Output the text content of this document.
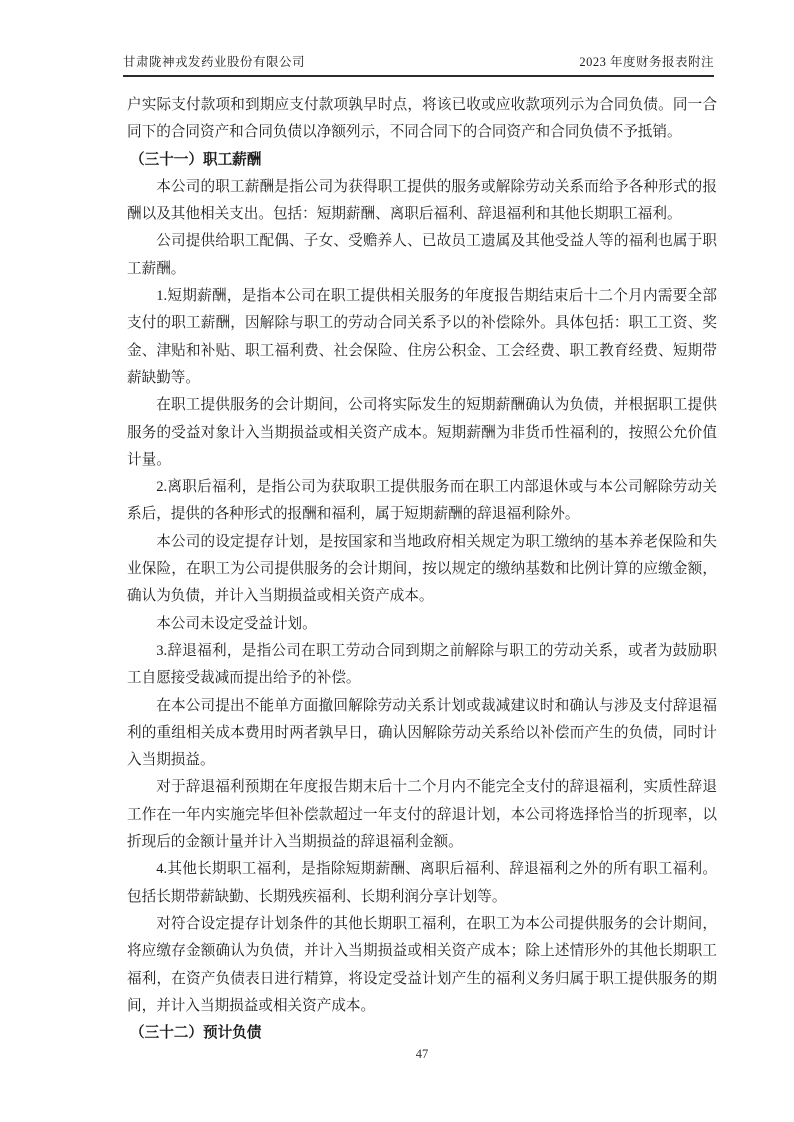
甘肃陇神戎发药业股份有限公司	2023 年度财务报表附注

户实际支付款项和到期应支付款项孰早时点，将该已收或应收款项列示为合同负债。同一合同下的合同资产和合同负债以净额列示，不同合同下的合同资产和合同负债不予抵销。

（三十一）职工薪酬

本公司的职工薪酬是指公司为获得职工提供的服务或解除劳动关系而给予各种形式的报酬以及其他相关支出。包括：短期薪酬、离职后福利、辞退福利和其他长期职工福利。

公司提供给职工配偶、子女、受赡养人、已故员工遗属及其他受益人等的福利也属于职工薪酬。

1.短期薪酬，是指本公司在职工提供相关服务的年度报告期结束后十二个月内需要全部支付的职工薪酬，因解除与职工的劳动合同关系予以的补偿除外。具体包括：职工工资、奖金、津贴和补贴、职工福利费、社会保险、住房公积金、工会经费、职工教育经费、短期带薪缺勤等。

在职工提供服务的会计期间，公司将实际发生的短期薪酬确认为负债，并根据职工提供服务的受益对象计入当期损益或相关资产成本。短期薪酬为非货币性福利的，按照公允价值计量。

2.离职后福利，是指公司为获取职工提供服务而在职工内部退休或与本公司解除劳动关系后，提供的各种形式的报酬和福利，属于短期薪酬的辞退福利除外。

本公司的设定提存计划，是按国家和当地政府相关规定为职工缴纳的基本养老保险和失业保险，在职工为公司提供服务的会计期间，按以规定的缴纳基数和比例计算的应缴金额，确认为负债，并计入当期损益或相关资产成本。

本公司未设定受益计划。

3.辞退福利，是指公司在职工劳动合同到期之前解除与职工的劳动关系，或者为鼓励职工自愿接受裁减而提出给予的补偿。

在本公司提出不能单方面撤回解除劳动关系计划或裁减建议时和确认与涉及支付辞退福利的重组相关成本费用时两者孰早日，确认因解除劳动关系给以补偿而产生的负债，同时计入当期损益。

对于辞退福利预期在年度报告期末后十二个月内不能完全支付的辞退福利，实质性辞退工作在一年内实施完毕但补偿款超过一年支付的辞退计划，本公司将选择恰当的折现率，以折现后的金额计量并计入当期损益的辞退福利金额。

4.其他长期职工福利，是指除短期薪酬、离职后福利、辞退福利之外的所有职工福利。包括长期带薪缺勤、长期残疾福利、长期利润分享计划等。

对符合设定提存计划条件的其他长期职工福利，在职工为本公司提供服务的会计期间，将应缴存金额确认为负债，并计入当期损益或相关资产成本；除上述情形外的其他长期职工福利，在资产负债表日进行精算，将设定受益计划产生的福利义务归属于职工提供服务的期间，并计入当期损益或相关资产成本。

（三十二）预计负债

47
